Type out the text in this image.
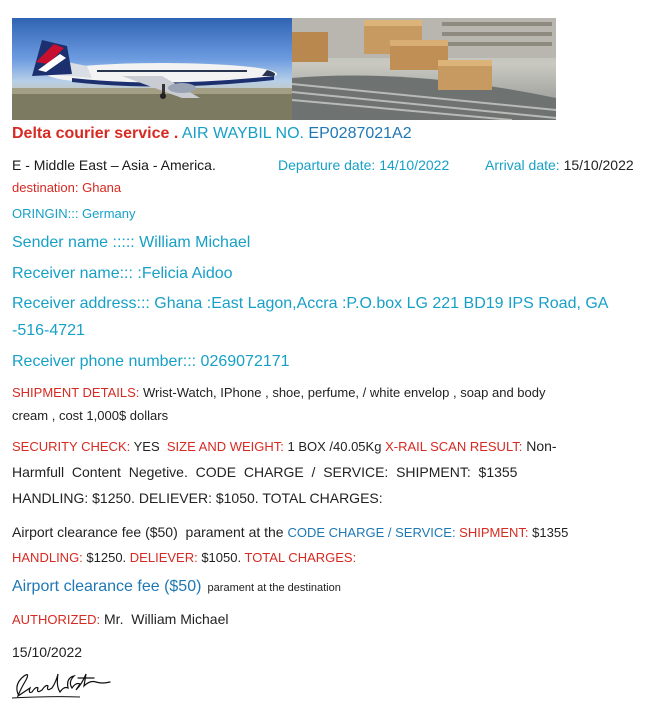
Delta courier service . AIR WAYBIL NO. EP0287021A2
E - Middle East – Asia - America.	Departure date: 14/10/2022	Arrival date: 15/10/2022
destination: Ghana
ORINGIN::: Germany
Sender name ::::: William Michael
Receiver name::: :Felicia Aidoo
Receiver address::: Ghana :East Lagon,Accra :P.O.box LG 221 BD19 IPS Road, GA
-516-4721
Receiver phone number::: 0269072171
SHIPMENT DETAILS: Wrist-Watch, IPhone , shoe, perfume, / white envelop , soap and body
cream , cost 1,000$ dollars
SECURITY CHECK: YES  SIZE AND WEIGHT: 1 BOX /40.05Kg X-RAIL SCAN RESULT: Non-
Harmfull  Content  Negetive.  CODE  CHARGE  /  SERVICE:  SHIPMENT:  $1355
HANDLING: $1250. DELIEVER: $1050. TOTAL CHARGES:
Airport clearance fee ($50)  parament at the CODE CHARGE / SERVICE: SHIPMENT: $1355
HANDLING: $1250. DELIEVER: $1050. TOTAL CHARGES:
Airport clearance fee ($50)  parament at the destination
AUTHORIZED: Mr.  William Michael
15/10/2022
